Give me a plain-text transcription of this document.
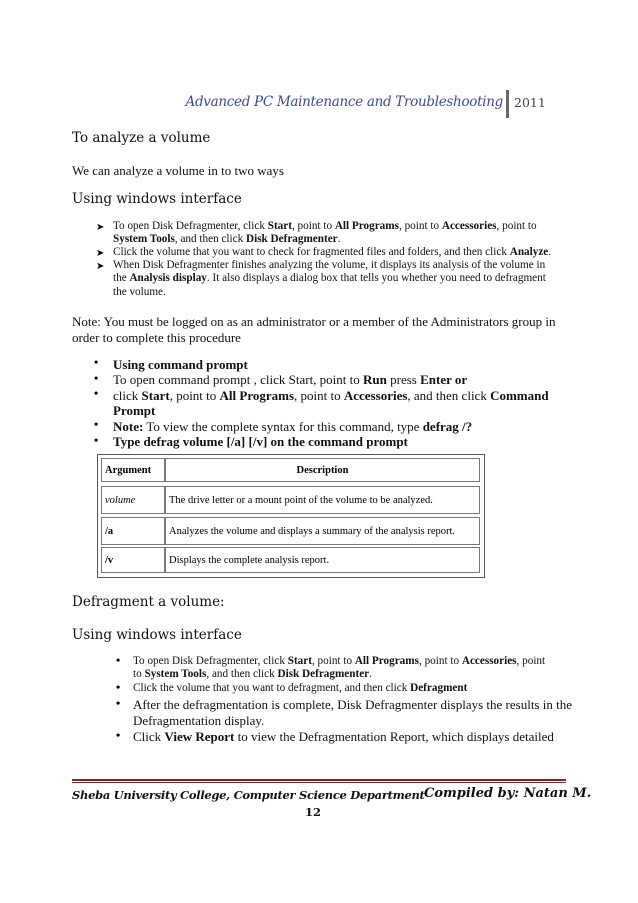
Advanced PC Maintenance and Troubleshooting 2011
To analyze a volume
We can analyze a volume in to two ways
Using windows interface
➤ To open Disk Defragmenter, click Start, point to All Programs, point to Accessories, point to
System Tools, and then click Disk Defragmenter.
➤ Click the volume that you want to check for fragmented files and folders, and then click Analyze.
➤ When Disk Defragmenter finishes analyzing the volume, it displays its analysis of the volume in
the Analysis display. It also displays a dialog box that tells you whether you need to defragment
the volume.
Note: You must be logged on as an administrator or a member of the Administrators group in
order to complete this procedure
• Using command prompt
• To open command prompt , click Start, point to Run press Enter or
• click Start, point to All Programs, point to Accessories, and then click Command
Prompt
• Note: To view the complete syntax for this command, type defrag /?
• Type defrag volume [/a] [/v] on the command prompt
Argument	Description
volume	The drive letter or a mount point of the volume to be analyzed.
/a	Analyzes the volume and displays a summary of the analysis report.
/v	Displays the complete analysis report.
Defragment a volume:
Using windows interface
• To open Disk Defragmenter, click Start, point to All Programs, point to Accessories, point
to System Tools, and then click Disk Defragmenter.
• Click the volume that you want to defragment, and then click Defragment
• After the defragmentation is complete, Disk Defragmenter displays the results in the
Defragmentation display.
• Click View Report to view the Defragmentation Report, which displays detailed
Sheba University College, Computer Science Department Compiled by: Natan M.
12
